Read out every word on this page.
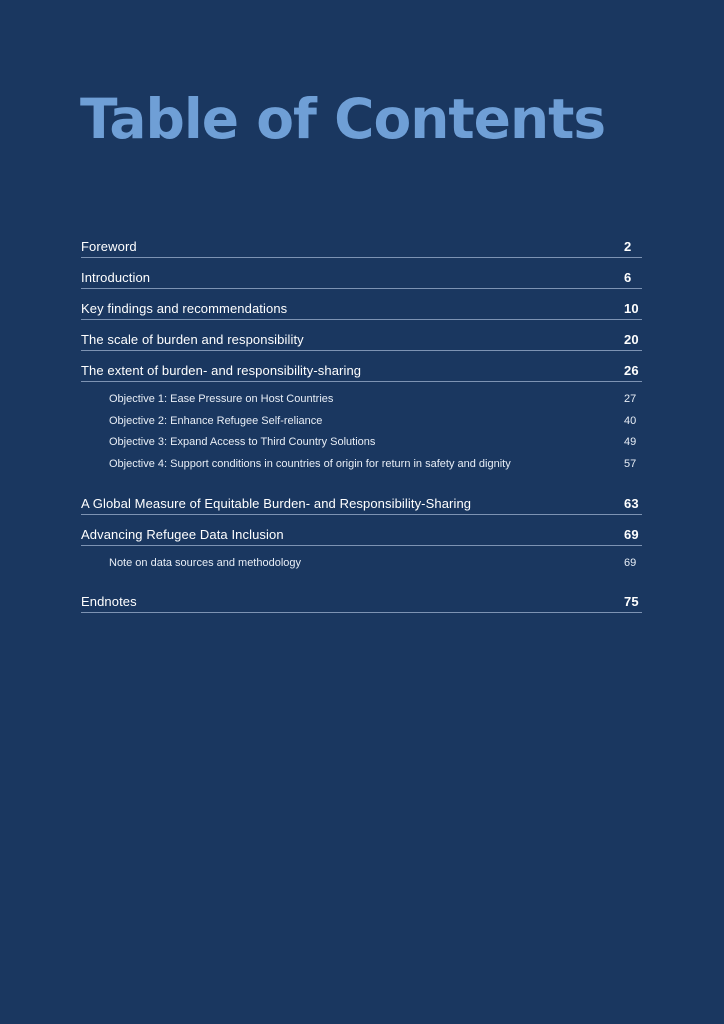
Table of Contents
Foreword	2
Introduction	6
Key findings and recommendations	10
The scale of burden and responsibility	20
The extent of burden- and responsibility-sharing	26
Objective 1: Ease Pressure on Host Countries	27
Objective 2: Enhance Refugee Self-reliance	40
Objective 3: Expand Access to Third Country Solutions	49
Objective 4: Support conditions in countries of origin for return in safety and dignity	57
A Global Measure of Equitable Burden- and Responsibility-Sharing	63
Advancing Refugee Data Inclusion	69
Note on data sources and methodology	69
Endnotes	75
